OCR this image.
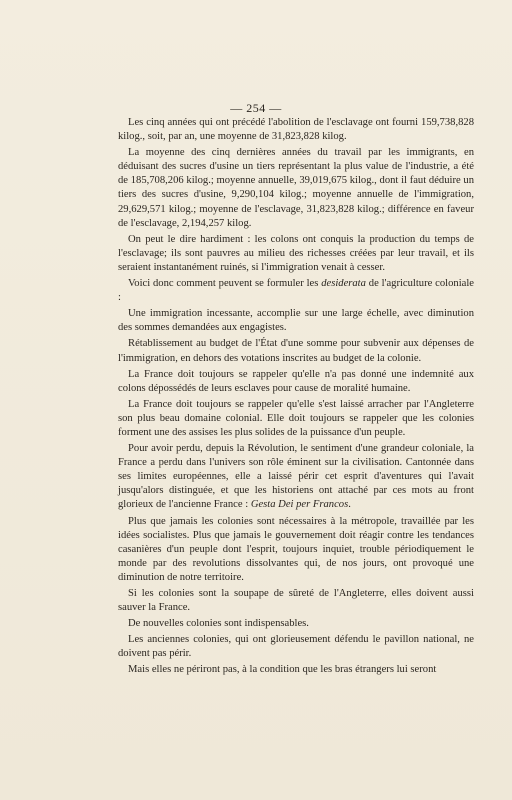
— 254 —

Les cinq années qui ont précédé l'abolition de l'esclavage ont fourni 159,738,828 kilog., soit, par an, une moyenne de 31,823,828 kilog.

La moyenne des cinq dernières années du travail par les immigrants, en déduisant des sucres d'usine un tiers représentant la plus value de l'industrie, a été de 185,708,206 kilog.; moyenne annuelle, 39,019,675 kilog., dont il faut déduire un tiers des sucres d'usine, 9,290,104 kilog.; moyenne annuelle de l'immigration, 29,629,571 kilog.; moyenne de l'esclavage, 31,823,828 kilog.; différence en faveur de l'esclavage, 2,194,257 kilog.

On peut le dire hardiment : les colons ont conquis la production du temps de l'esclavage; ils sont pauvres au milieu des richesses créées par leur travail, et ils seraient instantanément ruinés, si l'immigration venait à cesser.

Voici donc comment peuvent se formuler les desiderata de l'agriculture coloniale :

Une immigration incessante, accomplie sur une large échelle, avec diminution des sommes demandées aux engagistes.

Rétablissement au budget de l'État d'une somme pour subvenir aux dépenses de l'immigration, en dehors des votations inscrites au budget de la colonie.

La France doit toujours se rappeler qu'elle n'a pas donné une indemnité aux colons dépossédés de leurs esclaves pour cause de moralité humaine.

La France doit toujours se rappeler qu'elle s'est laissé arracher par l'Angleterre son plus beau domaine colonial. Elle doit toujours se rappeler que les colonies forment une des assises les plus solides de la puissance d'un peuple.

Pour avoir perdu, depuis la Révolution, le sentiment d'une grandeur coloniale, la France a perdu dans l'univers son rôle éminent sur la civilisation. Cantonnée dans ses limites européennes, elle a laissé périr cet esprit d'aventures qui l'avait jusqu'alors distinguée, et que les historiens ont attaché par ces mots au front glorieux de l'ancienne France : Gesta Dei per Francos.

Plus que jamais les colonies sont nécessaires à la métropole, travaillée par les idées socialistes. Plus que jamais le gouvernement doit réagir contre les tendances casanières d'un peuple dont l'esprit, toujours inquiet, trouble périodiquement le monde par des revolutions dissolvantes qui, de nos jours, ont provoqué une diminution de notre territoire.

Si les colonies sont la soupape de sûreté de l'Angleterre, elles doivent aussi sauver la France.

De nouvelles colonies sont indispensables.

Les anciennes colonies, qui ont glorieusement défendu le pavillon national, ne doivent pas périr.

Mais elles ne périront pas, à la condition que les bras étrangers lui seront
